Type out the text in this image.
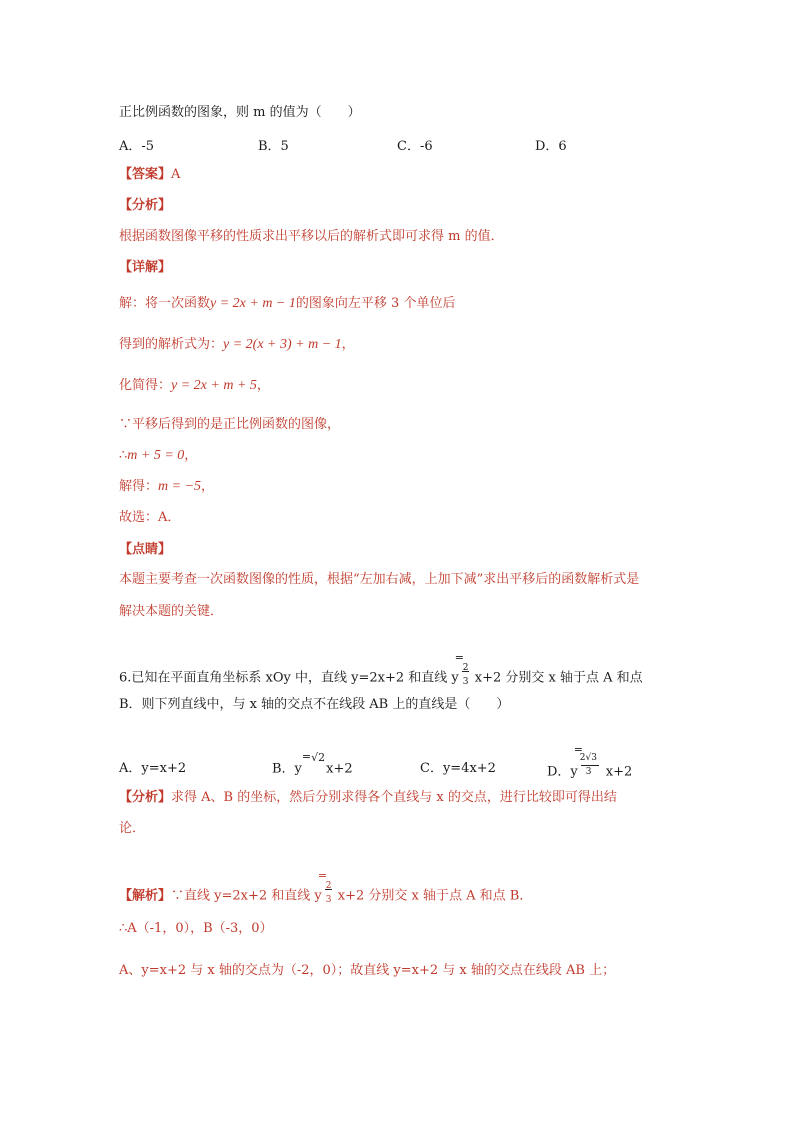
正比例函数的图象，则 m 的值为（　　）
A．-5	B．5	C．-6	D．6
【答案】A
【分析】
根据函数图像平移的性质求出平移以后的解析式即可求得 m 的值．
【详解】
解：将一次函数y = 2x + m − 1的图象向左平移 3 个单位后
得到的解析式为：y = 2(x + 3) + m − 1，
化简得：y = 2x + m + 5，
∵平移后得到的是正比例函数的图像，
∴m + 5 = 0，
解得：m = −5，
故选：A．
【点睛】
本题主要考查一次函数图像的性质，根据“左加右减，上加下减”求出平移后的函数解析式是
解决本题的关键．
6.已知在平面直角坐标系 xOy 中，直线 y=2x+2 和直线 y
=
2
3 x+2 分别交 x 轴于点 A 和点
B．则下列直线中，与 x 轴的交点不在线段 AB 上的直线是（　　）
A．y=x+2	B．$y^{=√2}x+2$	C．y=4x+2	D．y
=
2√3
3 x+2
【分析】求得 A、B 的坐标，然后分别求得各个直线与 x 的交点，进行比较即可得出结
论．
【解析】∵直线 y=2x+2 和直线 y
=
2
3 x+2 分别交 x 轴于点 A 和点 B．
∴A（-1，0），B（-3，0）
A、y=x+2 与 x 轴的交点为（-2，0）；故直线 y=x+2 与 x 轴的交点在线段 AB 上；
